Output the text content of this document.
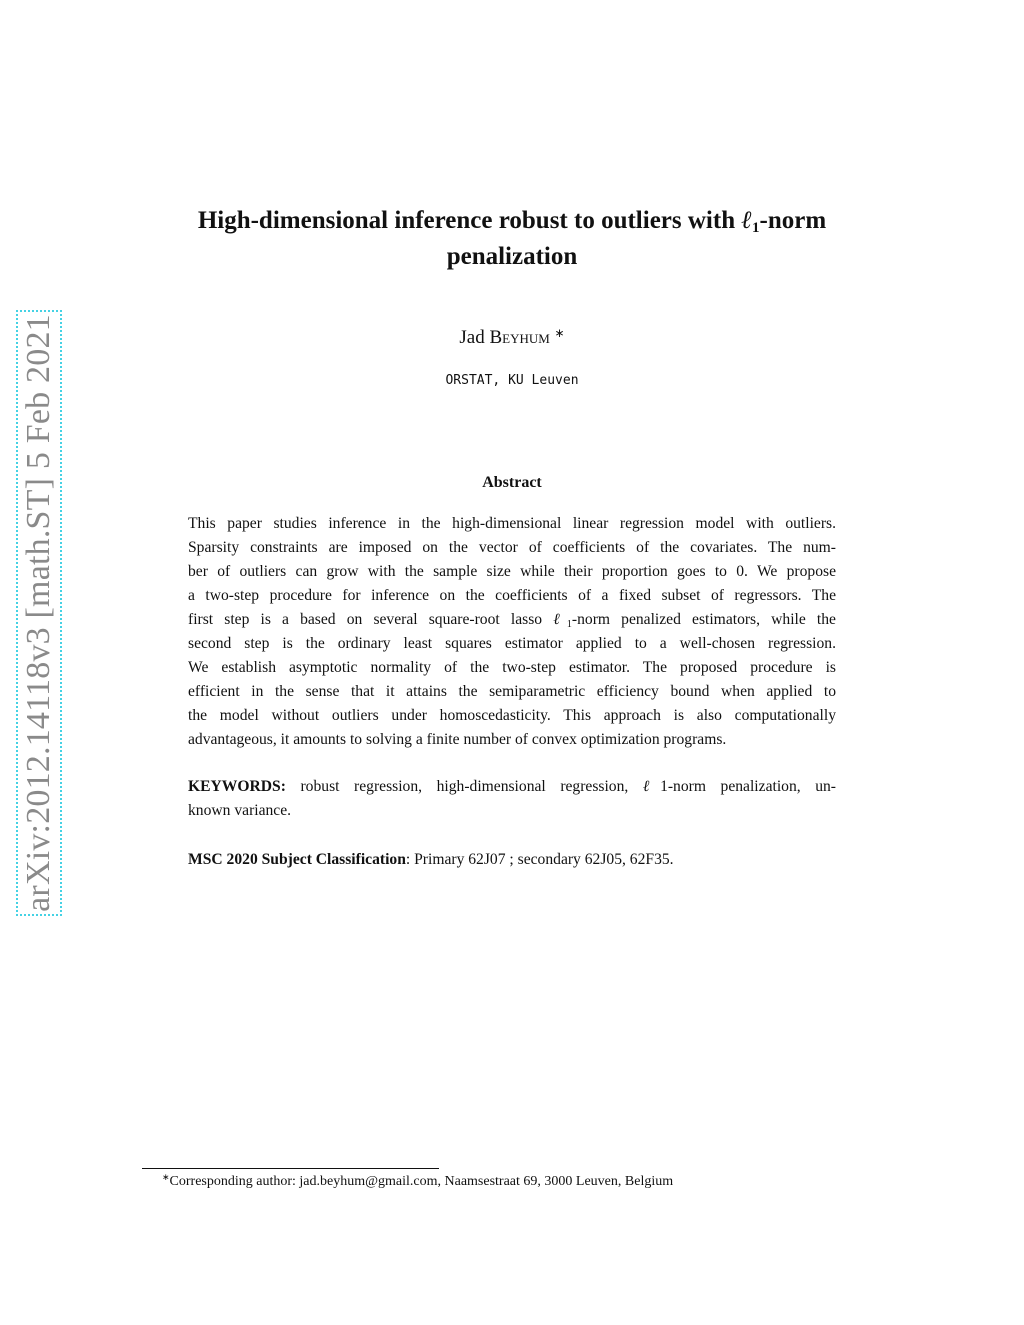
arXiv:2012.14118v3 [math.ST] 5 Feb 2021
High-dimensional inference robust to outliers with ℓ$_1$-norm
penalization
Jad Beyhum ∗
ORSTAT, KU Leuven
Abstract
This paper studies inference in the high-dimensional linear regression model with outliers.
Sparsity constraints are imposed on the vector of coefficients of the covariates. The num-
ber of outliers can grow with the sample size while their proportion goes to 0. We propose
a two-step procedure for inference on the coefficients of a fixed subset of regressors. The
first step is a based on several square-root lasso ℓ$_1$-norm penalized estimators, while the
second step is the ordinary least squares estimator applied to a well-chosen regression.
We establish asymptotic normality of the two-step estimator. The proposed procedure is
efficient in the sense that it attains the semiparametric efficiency bound when applied to
the model without outliers under homoscedasticity. This approach is also computationally
advantageous, it amounts to solving a finite number of convex optimization programs.
KEYWORDS: robust regression, high-dimensional regression, ℓ1-norm penalization, un-
known variance.
MSC 2020 Subject Classification: Primary 62J07 ; secondary 62J05, 62F35.
∗Corresponding author: jad.beyhum@gmail.com, Naamsestraat 69, 3000 Leuven, Belgium
